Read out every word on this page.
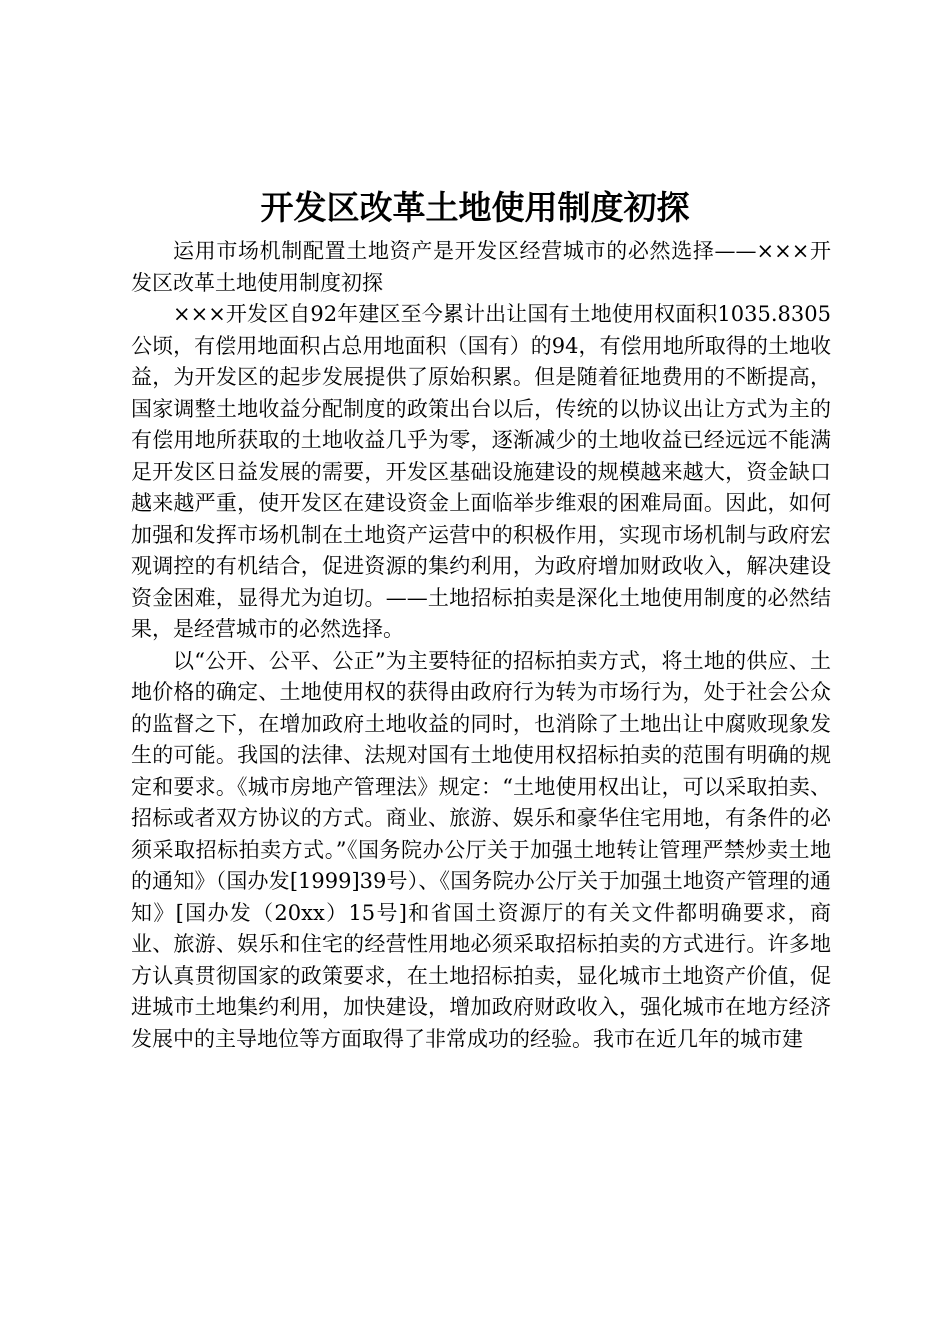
开发区改革土地使用制度初探

运用市场机制配置土地资产是开发区经营城市的必然选择——×××开发区改革土地使用制度初探

×××开发区自92年建区至今累计出让国有土地使用权面积1035.8305公顷，有偿用地面积占总用地面积（国有）的94，有偿用地所取得的土地收益，为开发区的起步发展提供了原始积累。但是随着征地费用的不断提高，国家调整土地收益分配制度的政策出台以后，传统的以协议出让方式为主的有偿用地所获取的土地收益几乎为零，逐渐减少的土地收益已经远远不能满足开发区日益发展的需要，开发区基础设施建设的规模越来越大，资金缺口越来越严重，使开发区在建设资金上面临举步维艰的困难局面。因此，如何加强和发挥市场机制在土地资产运营中的积极作用，实现市场机制与政府宏观调控的有机结合，促进资源的集约利用，为政府增加财政收入，解决建设资金困难，显得尤为迫切。——土地招标拍卖是深化土地使用制度的必然结果，是经营城市的必然选择。

以“公开、公平、公正”为主要特征的招标拍卖方式，将土地的供应、土地价格的确定、土地使用权的获得由政府行为转为市场行为，处于社会公众的监督之下，在增加政府土地收益的同时，也消除了土地出让中腐败现象发生的可能。我国的法律、法规对国有土地使用权招标拍卖的范围有明确的规定和要求。《城市房地产管理法》规定：“土地使用权出让，可以采取拍卖、招标或者双方协议的方式。商业、旅游、娱乐和豪华住宅用地，有条件的必须采取招标拍卖方式。”《国务院办公厅关于加强土地转让管理严禁炒卖土地的通知》（国办发[1999]39号）、《国务院办公厅关于加强土地资产管理的通知》[国办发（20xx）15号]和省国土资源厅的有关文件都明确要求，商业、旅游、娱乐和住宅的经营性用地必须采取招标拍卖的方式进行。许多地方认真贯彻国家的政策要求，在土地招标拍卖，显化城市土地资产价值，促进城市土地集约利用，加快建设，增加政府财政收入，强化城市在地方经济发展中的主导地位等方面取得了非常成功的经验。我市在近几年的城市建
